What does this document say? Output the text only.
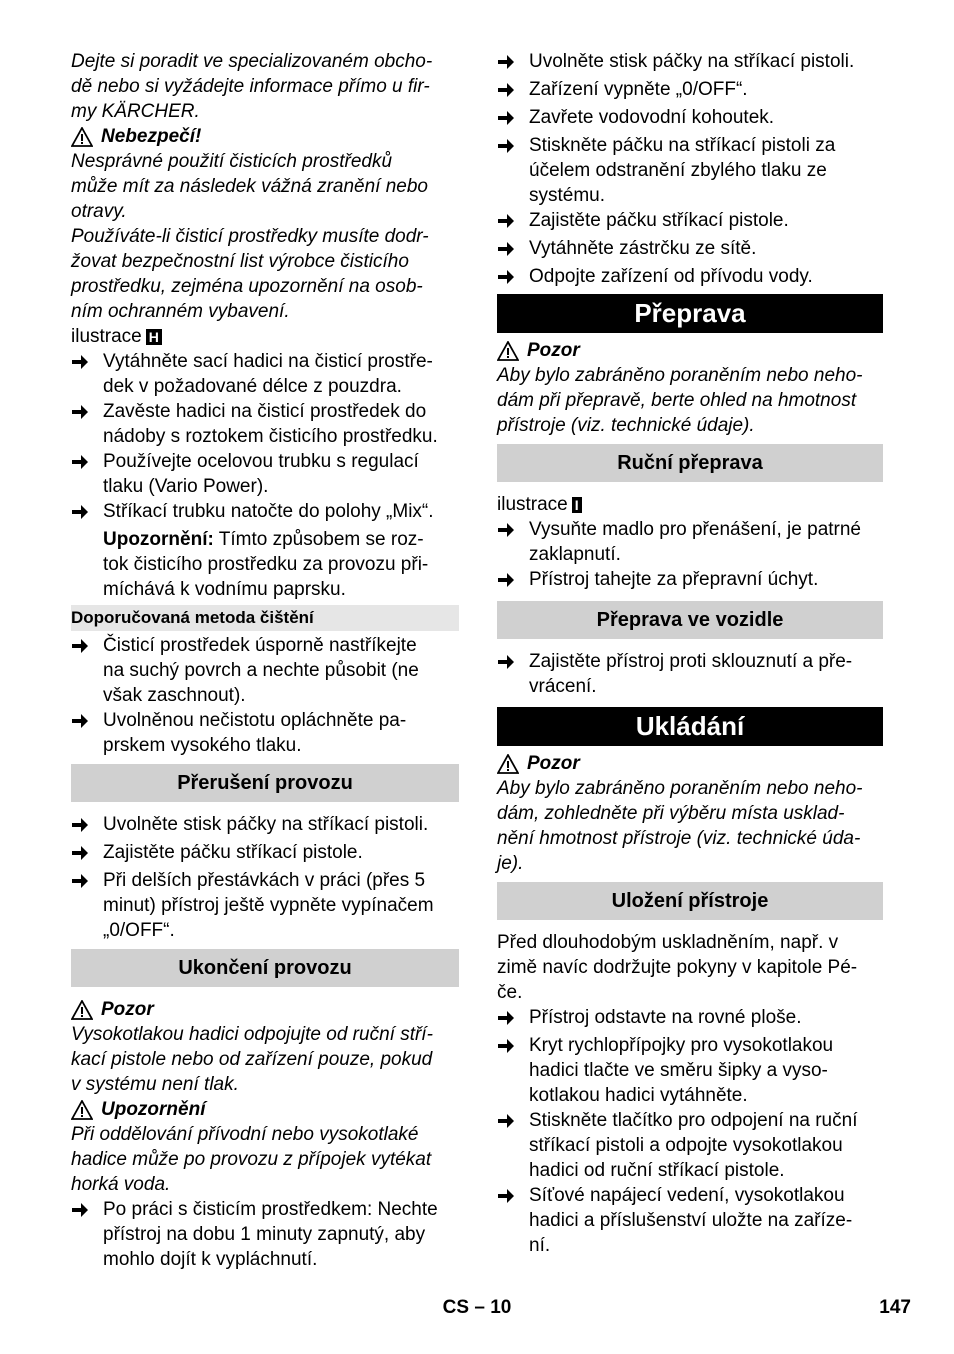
Dejte si poradit ve specializovaném obcho-
dě nebo si vyžádejte informace přímo u fir-
my KÄRCHER.
Nebezpečí!
Nesprávné použití čisticích prostředků
může mít za následek vážná zranění nebo
otravy.
Používáte-li čisticí prostředky musíte dodr-
žovat bezpečnostní list výrobce čisticího
prostředku, zejména upozornění na osob-
ním ochranném vybavení.
ilustrace H
Vytáhněte sací hadici na čisticí prostře-
dek v požadované délce z pouzdra.
Zavěste hadici na čisticí prostředek do
nádoby s roztokem čisticího prostředku.
Používejte ocelovou trubku s regulací
tlaku (Vario Power).
Stříkací trubku natočte do polohy „Mix“.
Upozornění: Tímto způsobem se roz-
tok čisticího prostředku za provozu při-
míchává k vodnímu paprsku.
Doporučovaná metoda čištění
Čisticí prostředek úsporně nastříkejte
na suchý povrch a nechte působit (ne
však zaschnout).
Uvolněnou nečistotu opláchněte pa-
prskem vysokého tlaku.
Přerušení provozu
Uvolněte stisk páčky na stříkací pistoli.
Zajistěte páčku stříkací pistole.
Při delších přestávkách v práci (přes 5
minut) přístroj ještě vypněte vypínačem
„0/OFF“.
Ukončení provozu
Pozor
Vysokotlakou hadici odpojujte od ruční stří-
kací pistole nebo od zařízení pouze, pokud
v systému není tlak.
Upozornění
Při oddělování přívodní nebo vysokotlaké
hadice může po provozu z přípojek vytékat
horká voda.
Po práci s čisticím prostředkem: Nechte
přístroj na dobu 1 minuty zapnutý, aby
mohlo dojít k vypláchnutí.
Uvolněte stisk páčky na stříkací pistoli.
Zařízení vypněte „0/OFF“.
Zavřete vodovodní kohoutek.
Stiskněte páčku na stříkací pistoli za
účelem odstranění zbylého tlaku ze
systému.
Zajistěte páčku stříkací pistole.
Vytáhněte zástrčku ze sítě.
Odpojte zařízení od přívodu vody.
Přeprava
Pozor
Aby bylo zabráněno poraněním nebo neho-
dám při přepravě, berte ohled na hmotnost
přístroje (viz. technické údaje).
Ruční přeprava
ilustrace I
Vysuňte madlo pro přenášení, je patrné
zaklapnutí.
Přístroj tahejte za přepravní úchyt.
Přeprava ve vozidle
Zajistěte přístroj proti sklouznutí a pře-
vrácení.
Ukládání
Pozor
Aby bylo zabráněno poraněním nebo neho-
dám, zohledněte při výběru místa usklad-
nění hmotnost přístroje (viz. technické úda-
je).
Uložení přístroje
Před dlouhodobým uskladněním, např. v
zimě navíc dodržujte pokyny v kapitole Pé-
če.
Přístroj odstavte na rovné ploše.
Kryt rychlopřípojky pro vysokotlakou
hadici tlačte ve směru šipky a vyso-
kotlakou hadici vytáhněte.
Stiskněte tlačítko pro odpojení na ruční
stříkací pistoli a odpojte vysokotlakou
hadici od ruční stříkací pistole.
Síťové napájecí vedení, vysokotlakou
hadici a příslušenství uložte na zaříze-
ní.
CS – 10	147
